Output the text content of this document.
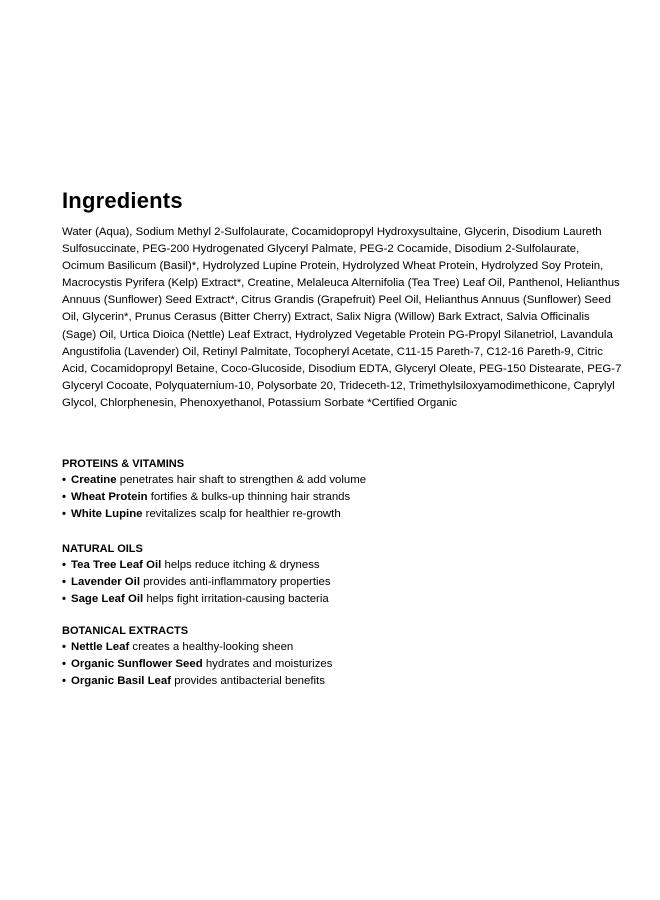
Ingredients

Water (Aqua), Sodium Methyl 2-Sulfolaurate, Cocamidopropyl Hydroxysultaine, Glycerin, Disodium Laureth Sulfosuccinate, PEG-200 Hydrogenated Glyceryl Palmate, PEG-2 Cocamide, Disodium 2-Sulfolaurate, Ocimum Basilicum (Basil)*, Hydrolyzed Lupine Protein, Hydrolyzed Wheat Protein, Hydrolyzed Soy Protein, Macrocystis Pyrifera (Kelp) Extract*, Creatine, Melaleuca Alternifolia (Tea Tree) Leaf Oil, Panthenol, Helianthus Annuus (Sunflower) Seed Extract*, Citrus Grandis (Grapefruit) Peel Oil, Helianthus Annuus (Sunflower) Seed Oil, Glycerin*, Prunus Cerasus (Bitter Cherry) Extract, Salix Nigra (Willow) Bark Extract, Salvia Officinalis (Sage) Oil, Urtica Dioica (Nettle) Leaf Extract, Hydrolyzed Vegetable Protein PG-Propyl Silanetriol, Lavandula Angustifolia (Lavender) Oil, Retinyl Palmitate, Tocopheryl Acetate, C11-15 Pareth-7, C12-16 Pareth-9, Citric Acid, Cocamidopropyl Betaine, Coco-Glucoside, Disodium EDTA, Glyceryl Oleate, PEG-150 Distearate, PEG-7 Glyceryl Cocoate, Polyquaternium-10, Polysorbate 20, Trideceth-12, Trimethylsiloxyamodimethicone, Caprylyl Glycol, Chlorphenesin, Phenoxyethanol, Potassium Sorbate *Certified Organic

PROTEINS & VITAMINS
• Creatine penetrates hair shaft to strengthen & add volume
• Wheat Protein fortifies & bulks-up thinning hair strands
• White Lupine revitalizes scalp for healthier re-growth
NATURAL OILS
• Tea Tree Leaf Oil helps reduce itching & dryness
• Lavender Oil provides anti-inflammatory properties
• Sage Leaf Oil helps fight irritation-causing bacteria
BOTANICAL EXTRACTS
• Nettle Leaf creates a healthy-looking sheen
• Organic Sunflower Seed hydrates and moisturizes
• Organic Basil Leaf provides antibacterial benefits
